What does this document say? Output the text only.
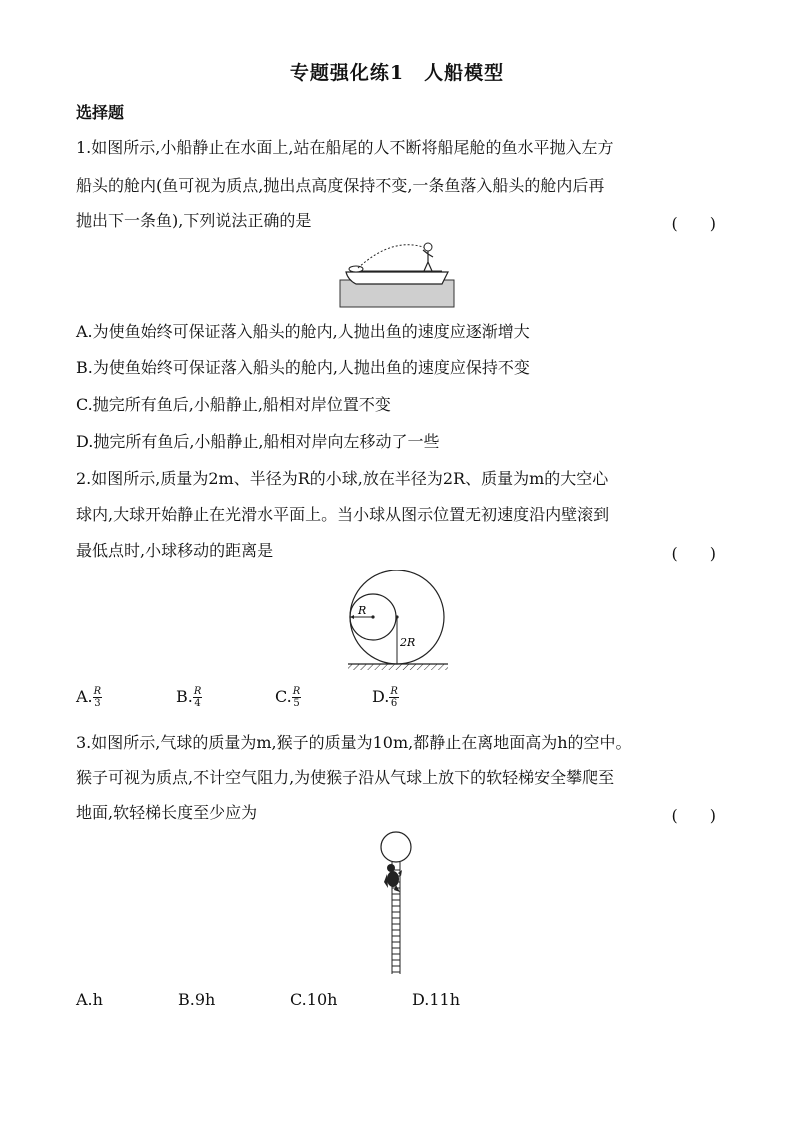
专题强化练1　人船模型
选择题
1.如图所示,小船静止在水面上,站在船尾的人不断将船尾舱的鱼水平抛入左方
船头的舱内(鱼可视为质点,抛出点高度保持不变,一条鱼落入船头的舱内后再
抛出下一条鱼),下列说法正确的是	(　　)
A.为使鱼始终可保证落入船头的舱内,人抛出鱼的速度应逐渐增大
B.为使鱼始终可保证落入船头的舱内,人抛出鱼的速度应保持不变
C.抛完所有鱼后,小船静止,船相对岸位置不变
D.抛完所有鱼后,小船静止,船相对岸向左移动了一些
2.如图所示,质量为2m、半径为R的小球,放在半径为2R、质量为m的大空心
球内,大球开始静止在光滑水平面上。当小球从图示位置无初速度沿内壁滚到
最低点时,小球移动的距离是	(　　)
R
2R
A. $\frac{R}{3}$	B. $\frac{R}{4}$	C. $\frac{R}{5}$	D. $\frac{R}{6}$
3.如图所示,气球的质量为m,猴子的质量为10m,都静止在离地面高为h的空中。
猴子可视为质点,不计空气阻力,为使猴子沿从气球上放下的软轻梯安全攀爬至
地面,软轻梯长度至少应为	(　　)
A.h	B.9h	C.10h	D.11h
